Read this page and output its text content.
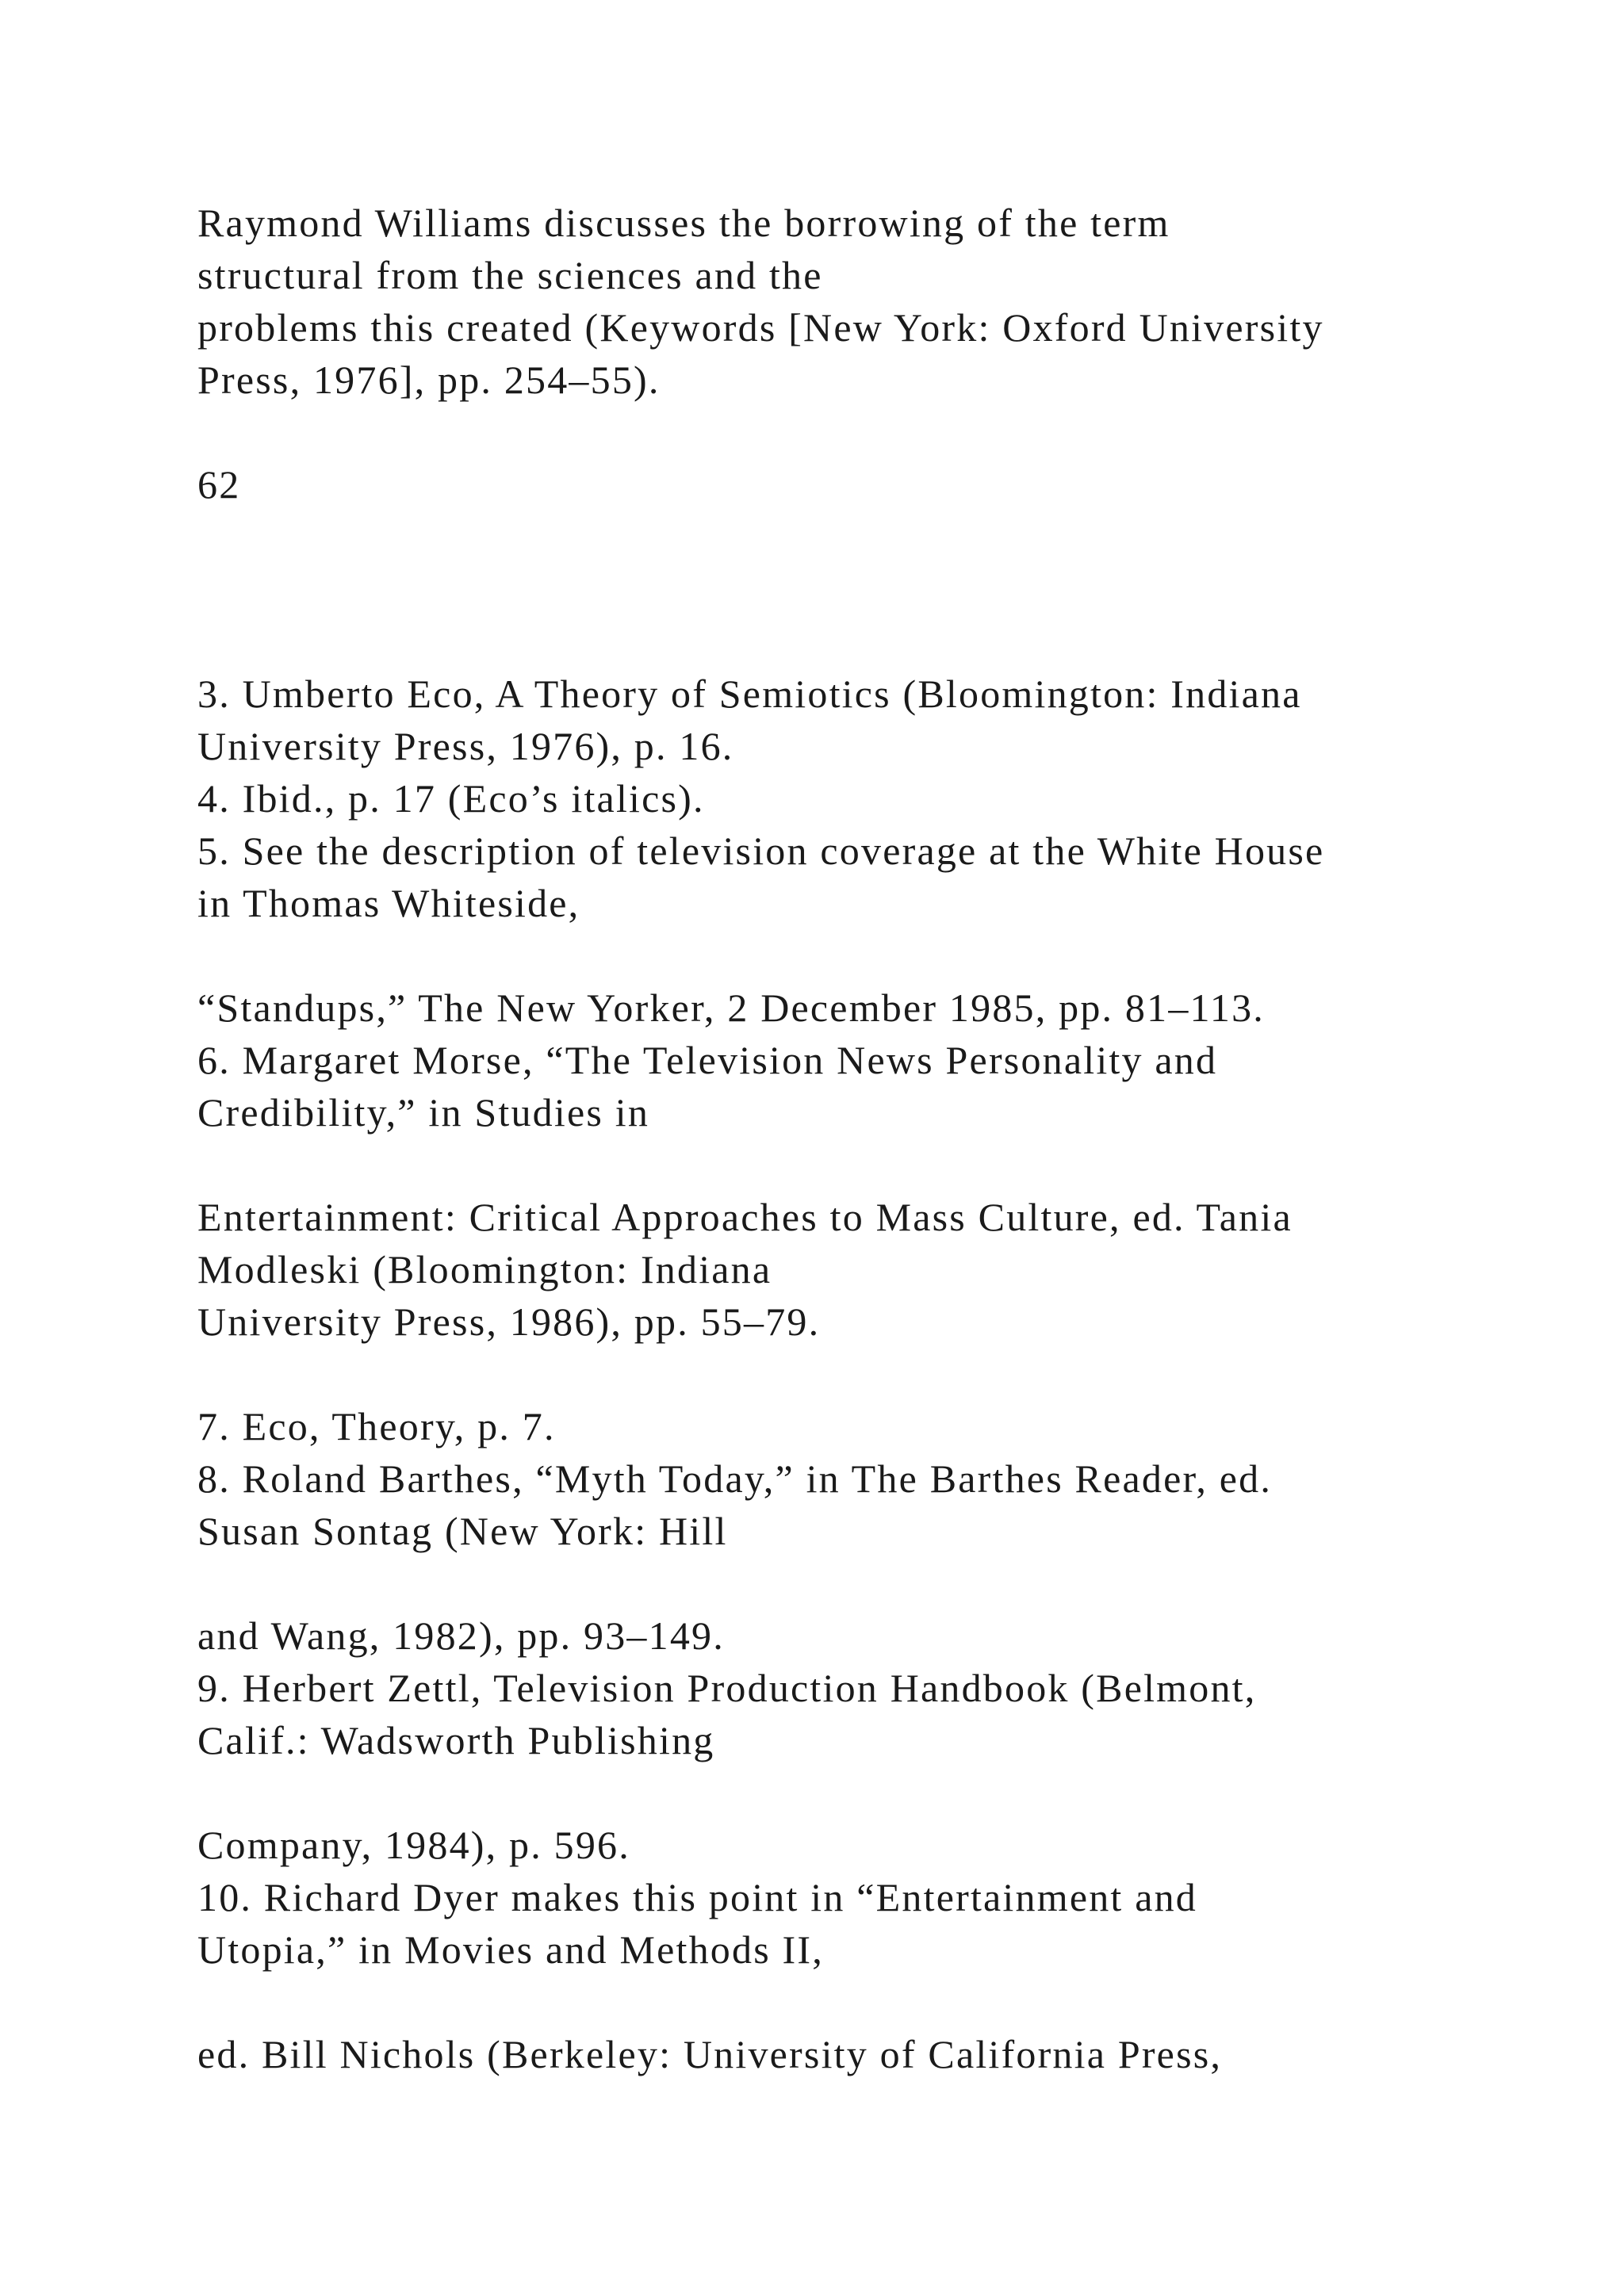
Raymond Williams discusses the borrowing of the term

structural from the sciences and the

problems this created (Keywords [New York: Oxford University

Press, 1976], pp. 254–55).

62

3. Umberto Eco, A Theory of Semiotics (Bloomington: Indiana

University Press, 1976), p. 16.

4. Ibid., p. 17 (Eco’s italics).

5. See the description of television coverage at the White House

in Thomas Whiteside,

“Standups,” The New Yorker, 2 December 1985, pp. 81–113.

6. Margaret Morse, “The Television News Personality and

Credibility,” in Studies in

Entertainment: Critical Approaches to Mass Culture, ed. Tania

Modleski (Bloomington: Indiana

University Press, 1986), pp. 55–79.

7. Eco, Theory, p. 7.

8. Roland Barthes, “Myth Today,” in The Barthes Reader, ed.

Susan Sontag (New York: Hill

and Wang, 1982), pp. 93–149.

9. Herbert Zettl, Television Production Handbook (Belmont,

Calif.: Wadsworth Publishing

Company, 1984), p. 596.

10. Richard Dyer makes this point in “Entertainment and

Utopia,” in Movies and Methods II,

ed. Bill Nichols (Berkeley: University of California Press,
